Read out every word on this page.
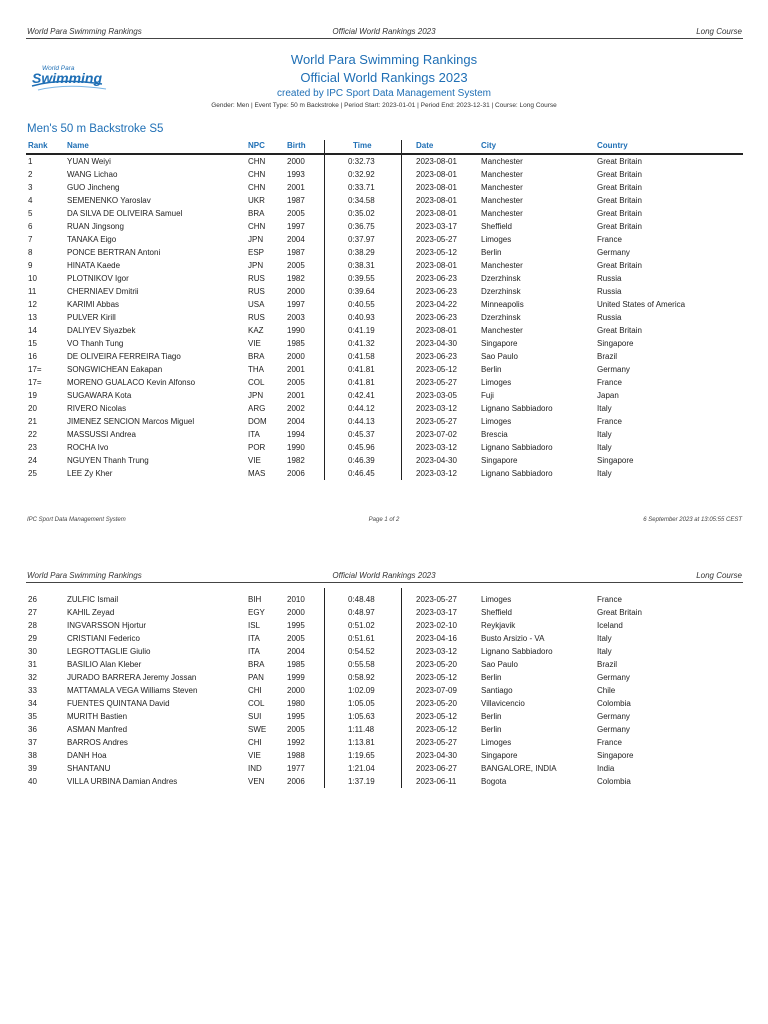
World Para Swimming Rankings	Official World Rankings 2023	Long Course
World Para
Swimming
World Para Swimming Rankings
Official World Rankings 2023
created by IPC Sport Data Management System
Gender: Men | Event Type: 50 m Backstroke | Period Start: 2023-01-01 | Period End: 2023-12-31 | Course: Long Course
Men's 50 m Backstroke S5
Rank Name	NPC	Birth	Time	Date	City	Country
1	YUAN Weiyi	CHN	2000	0:32.73	2023-08-01	Manchester	Great Britain
2	WANG Lichao	CHN	1993	0:32.92	2023-08-01	Manchester	Great Britain
3	GUO Jincheng	CHN	2001	0:33.71	2023-08-01	Manchester	Great Britain
4	SEMENENKO Yaroslav	UKR	1987	0:34.58	2023-08-01	Manchester	Great Britain
5	DA SILVA DE OLIVEIRA Samuel	BRA	2005	0:35.02	2023-08-01	Manchester	Great Britain
6	RUAN Jingsong	CHN	1997	0:36.75	2023-03-17	Sheffield	Great Britain
7	TANAKA Eigo	JPN	2004	0:37.97	2023-05-27	Limoges	France
8	PONCE BERTRAN Antoni	ESP	1987	0:38.29	2023-05-12	Berlin	Germany
9	HINATA Kaede	JPN	2005	0:38.31	2023-08-01	Manchester	Great Britain
10	PLOTNIKOV Igor	RUS	1982	0:39.55	2023-06-23	Dzerzhinsk	Russia
11	CHERNIAEV Dmitrii	RUS	2000	0:39.64	2023-06-23	Dzerzhinsk	Russia
12	KARIMI Abbas	USA	1997	0:40.55	2023-04-22	Minneapolis	United States of America
13	PULVER Kirill	RUS	2003	0:40.93	2023-06-23	Dzerzhinsk	Russia
14	DALIYEV Siyazbek	KAZ	1990	0:41.19	2023-08-01	Manchester	Great Britain
15	VO Thanh Tung	VIE	1985	0:41.32	2023-04-30	Singapore	Singapore
16	DE OLIVEIRA FERREIRA Tiago	BRA	2000	0:41.58	2023-06-23	Sao Paulo	Brazil
17=	SONGWICHEAN Eakapan	THA	2001	0:41.81	2023-05-12	Berlin	Germany
17=	MORENO GUALACO Kevin Alfonso	COL	2005	0:41.81	2023-05-27	Limoges	France
19	SUGAWARA Kota	JPN	2001	0:42.41	2023-03-05	Fuji	Japan
20	RIVERO Nicolas	ARG	2002	0:44.12	2023-03-12	Lignano Sabbiadoro	Italy
21	JIMENEZ SENCION Marcos Miguel	DOM	2004	0:44.13	2023-05-27	Limoges	France
22	MASSUSSI Andrea	ITA	1994	0:45.37	2023-07-02	Brescia	Italy
23	ROCHA Ivo	POR	1990	0:45.96	2023-03-12	Lignano Sabbiadoro	Italy
24	NGUYEN Thanh Trung	VIE	1982	0:46.39	2023-04-30	Singapore	Singapore
25	LEE Zy Kher	MAS	2006	0:46.45	2023-03-12	Lignano Sabbiadoro	Italy
IPC Sport Data Management System	Page 1 of 2	6 September 2023 at 13:05:55 CEST
World Para Swimming Rankings	Official World Rankings 2023	Long Course
26	ZULFIC Ismail	BIH	2010	0:48.48	2023-05-27	Limoges	France
27	KAHIL Zeyad	EGY	2000	0:48.97	2023-03-17	Sheffield	Great Britain
28	INGVARSSON Hjortur	ISL	1995	0:51.02	2023-02-10	Reykjavik	Iceland
29	CRISTIANI Federico	ITA	2005	0:51.61	2023-04-16	Busto Arsizio - VA	Italy
30	LEGROTTAGLIE Giulio	ITA	2004	0:54.52	2023-03-12	Lignano Sabbiadoro	Italy
31	BASILIO Alan Kleber	BRA	1985	0:55.58	2023-05-20	Sao Paulo	Brazil
32	JURADO BARRERA Jeremy Jossan	PAN	1999	0:58.92	2023-05-12	Berlin	Germany
33	MATTAMALA VEGA Williams Steven	CHI	2000	1:02.09	2023-07-09	Santiago	Chile
34	FUENTES QUINTANA David	COL	1980	1:05.05	2023-05-20	Villavicencio	Colombia
35	MURITH Bastien	SUI	1995	1:05.63	2023-05-12	Berlin	Germany
36	ASMAN Manfred	SWE	2005	1:11.48	2023-05-12	Berlin	Germany
37	BARROS Andres	CHI	1992	1:13.81	2023-05-27	Limoges	France
38	DANH Hoa	VIE	1988	1:19.65	2023-04-30	Singapore	Singapore
39	SHANTANU	IND	1977	1:21.04	2023-06-27	BANGALORE, INDIA	India
40	VILLA URBINA Damian Andres	VEN	2006	1:37.19	2023-06-11	Bogota	Colombia
